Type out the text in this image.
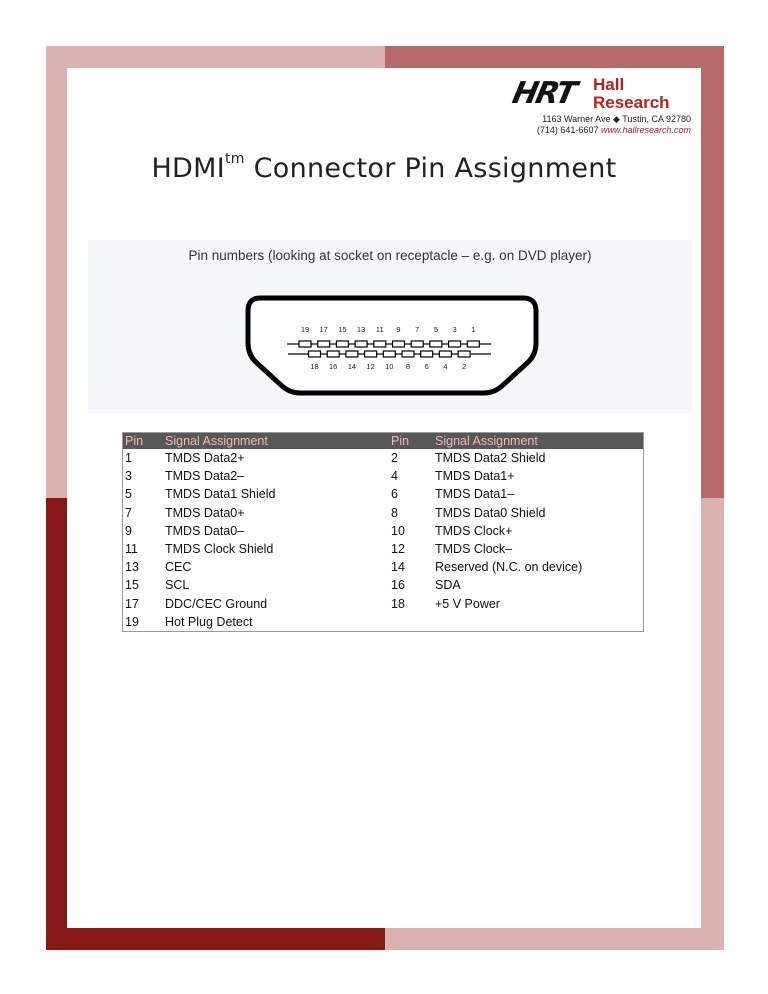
HRT Hall
Research
1163 Warner Ave ◆ Tustin, CA 92780
(714) 641-6607 www.hallresearch.com
$HDMI^{tm}$ Connector Pin Assignment
Pin numbers (looking at socket on receptacle – e.g. on DVD player)
19 17 15 13 11 9 7 5 3 1
18 16 14 12 10 8 6 4 2
Pin	Signal Assignment	Pin	Signal Assignment
1	TMDS Data2+	2	TMDS Data2 Shield
3	TMDS Data2–	4	TMDS Data1+
5	TMDS Data1 Shield	6	TMDS Data1–
7	TMDS Data0+	8	TMDS Data0 Shield
9	TMDS Data0–	10	TMDS Clock+
11	TMDS Clock Shield	12	TMDS Clock–
13	CEC	14	Reserved (N.C. on device)
15	SCL	16	SDA
17	DDC/CEC Ground	18	+5 V Power
19	Hot Plug Detect		
